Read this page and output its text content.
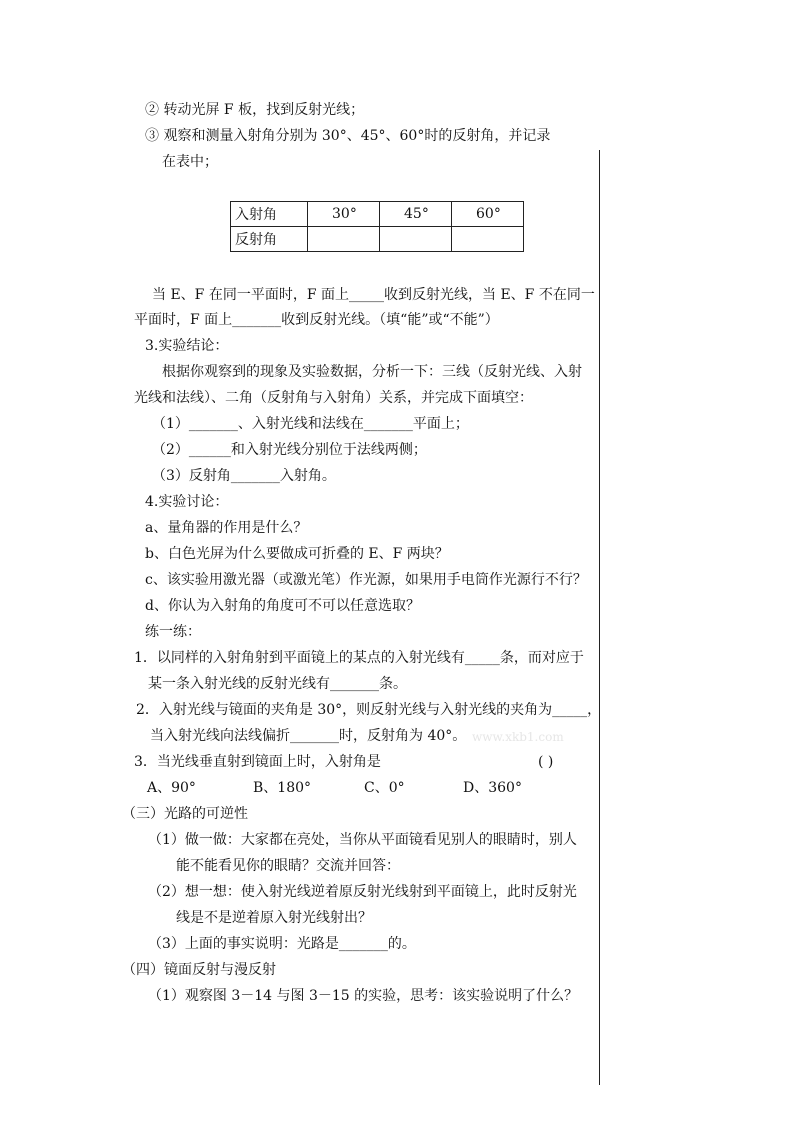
② 转动光屏 F 板，找到反射光线；
③ 观察和测量入射角分别为 30°、45°、60°时的反射角，并记录
在表中；
入射角	30°	45°	60°
反射角			
当 E、F 在同一平面时，F 面上_____收到反射光线，当 E、F 不在同一
平面时，F 面上_______收到反射光线。（填“能”或“不能”）
3.实验结论：
根据你观察到的现象及实验数据，分析一下：三线（反射光线、入射
光线和法线）、二角（反射角与入射角）关系，并完成下面填空：
（1）_______、入射光线和法线在_______平面上；
（2）______和入射光线分别位于法线两侧；
（3）反射角_______入射角。
4.实验讨论：
a、量角器的作用是什么？
b、白色光屏为什么要做成可折叠的 E、F 两块？
c、该实验用激光器（或激光笔）作光源，如果用手电筒作光源行不行？
d、你认为入射角的角度可不可以任意选取？
练一练：
1．以同样的入射角射到平面镜上的某点的入射光线有_____条，而对应于
某一条入射光线的反射光线有_______条。
2．入射光线与镜面的夹角是 30°，则反射光线与入射光线的夹角为_____，
当入射光线向法线偏折_______时，反射角为 40°。 www.xkb1.com
3．当光线垂直射到镜面上时，入射角是	( )
A、90°	B、180°	C、0°	D、360°
（三）光路的可逆性
（1）做一做：大家都在亮处，当你从平面镜看见别人的眼睛时，别人
能不能看见你的眼睛？交流并回答：
（2）想一想：使入射光线逆着原反射光线射到平面镜上，此时反射光
线是不是逆着原入射光线射出？
（3）上面的事实说明：光路是_______的。
（四）镜面反射与漫反射
（1）观察图 3－14 与图 3－15 的实验，思考：该实验说明了什么？
